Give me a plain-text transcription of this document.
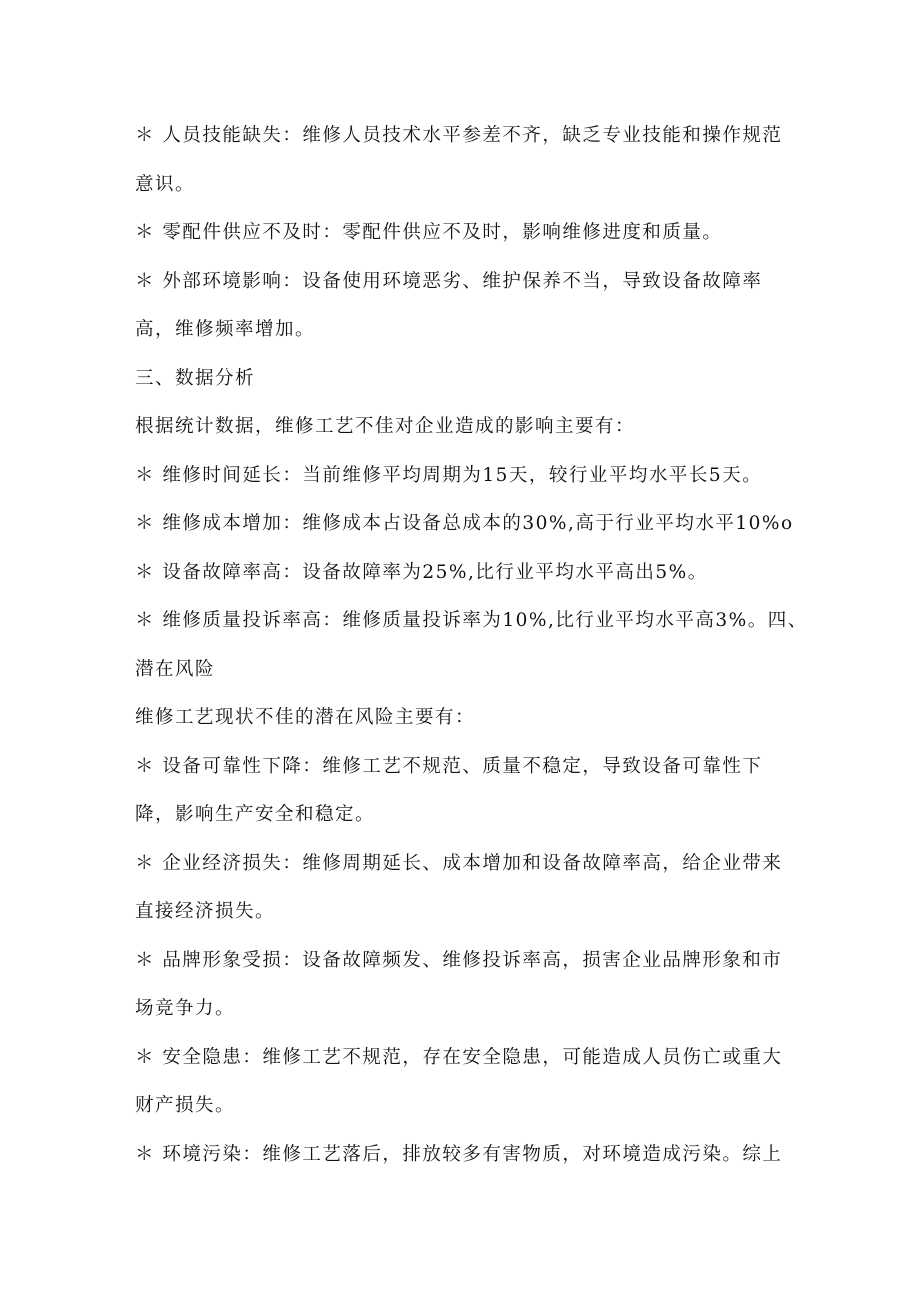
＊ 人员技能缺失：维修人员技术水平参差不齐，缺乏专业技能和操作规范
意识。
＊ 零配件供应不及时：零配件供应不及时，影响维修进度和质量。
＊ 外部环境影响：设备使用环境恶劣、维护保养不当，导致设备故障率
高，维修频率增加。
三、数据分析
根据统计数据，维修工艺不佳对企业造成的影响主要有：
＊ 维修时间延长：当前维修平均周期为15天，较行业平均水平长5天。
＊ 维修成本增加：维修成本占设备总成本的30%,高于行业平均水平10%o
＊ 设备故障率高：设备故障率为25%,比行业平均水平高出5%。
＊ 维修质量投诉率高：维修质量投诉率为10%,比行业平均水平高3%。四、
潜在风险
维修工艺现状不佳的潜在风险主要有：
＊ 设备可靠性下降：维修工艺不规范、质量不稳定，导致设备可靠性下
降，影响生产安全和稳定。
＊ 企业经济损失：维修周期延长、成本增加和设备故障率高，给企业带来
直接经济损失。
＊ 品牌形象受损：设备故障频发、维修投诉率高，损害企业品牌形象和市
场竞争力。
＊ 安全隐患：维修工艺不规范，存在安全隐患，可能造成人员伤亡或重大
财产损失。
＊ 环境污染：维修工艺落后，排放较多有害物质，对环境造成污染。综上
